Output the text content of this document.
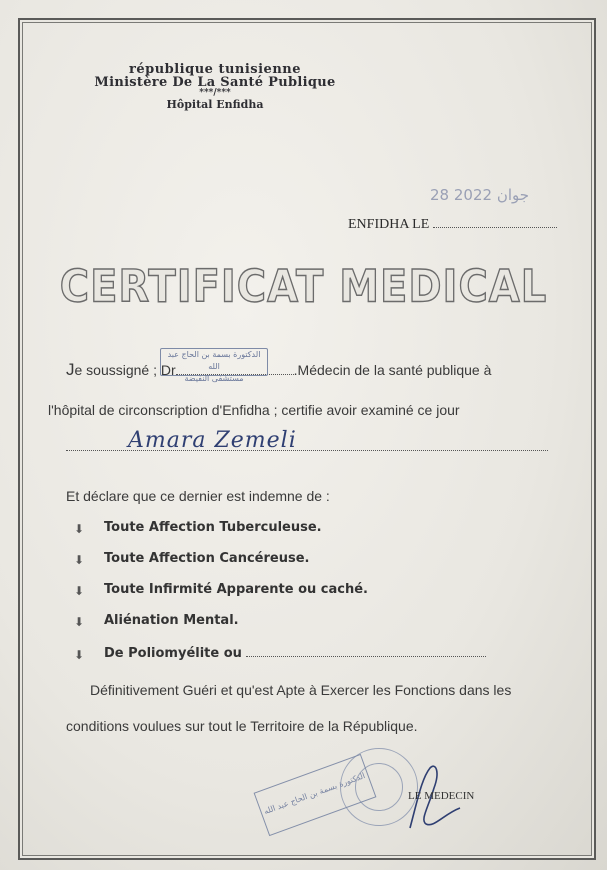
république tunisienne
Ministère De La Santé Publique
***/***
Hôpital Enfidha
28 جوان 2022
ENFIDHA LE
CERTIFICAT MEDICAL
Je soussigné ; Dr	.Médecin de la santé publique à
الدكتورة بسمة بن الحاج عبد الله
مستشفى النفيضة
l'hôpital de circonscription d'Enfidha ; certifie avoir examiné ce jour
Amara Zemeli
Et déclare que ce dernier est indemne de :
⬇ Toute Affection Tuberculeuse.
⬇ Toute Affection Cancéreuse.
⬇ Toute Infirmité Apparente ou caché.
⬇ Aliénation Mental.
⬇ De Poliomyélite ou
Définitivement Guéri et qu'est Apte à Exercer les Fonctions dans les
conditions voulues sur tout le Territoire de la République.
الدكتورة بسمة بن الحاج عبد الله	LE MEDECIN
